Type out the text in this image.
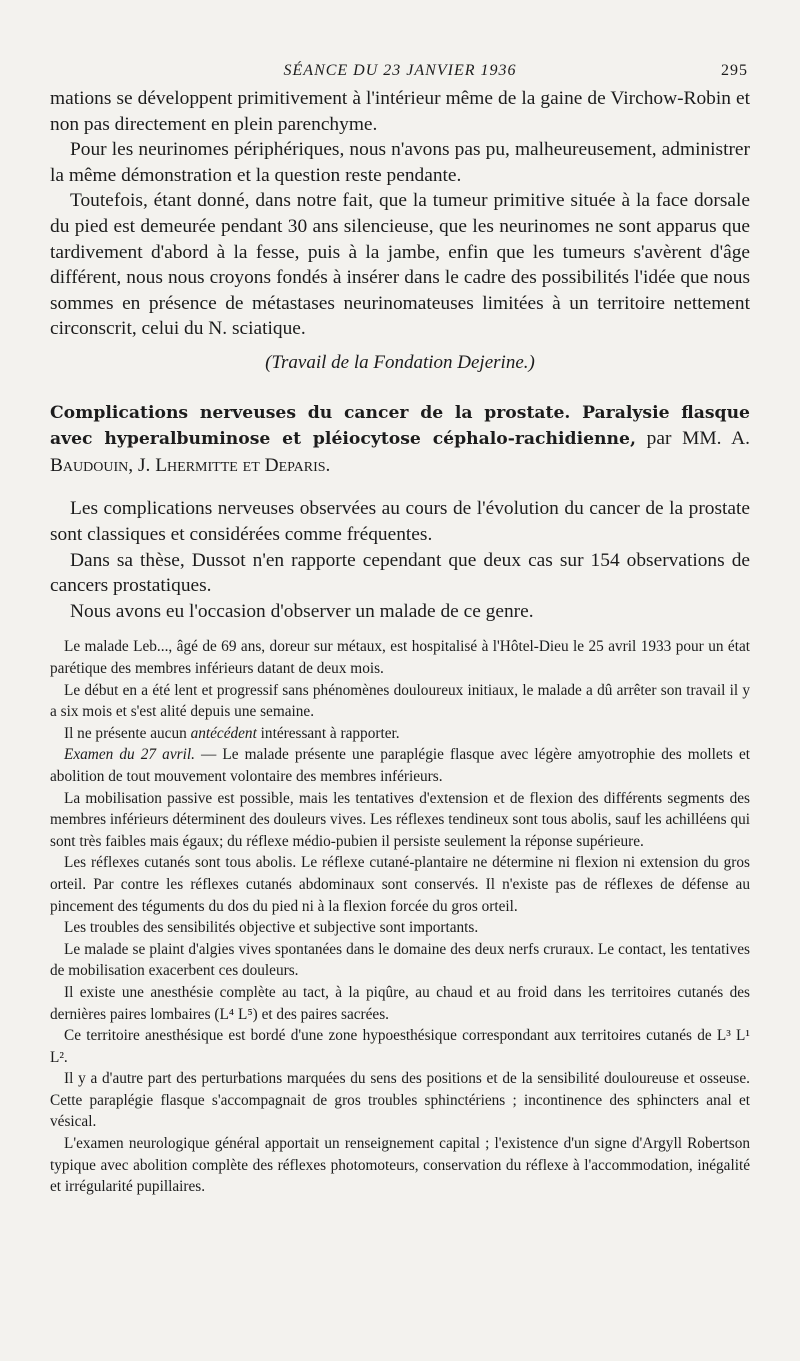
SÉANCE DU 23 JANVIER 1936	295

mations se développent primitivement à l'intérieur même de la gaine de Virchow-Robin et non pas directement en plein parenchyme.

Pour les neurinomes périphériques, nous n'avons pas pu, malheureusement, administrer la même démonstration et la question reste pendante.

Toutefois, étant donné, dans notre fait, que la tumeur primitive située à la face dorsale du pied est demeurée pendant 30 ans silencieuse, que les neurinomes ne sont apparus que tardivement d'abord à la fesse, puis à la jambe, enfin que les tumeurs s'avèrent d'âge différent, nous nous croyons fondés à insérer dans le cadre des possibilités l'idée que nous sommes en présence de métastases neurinomateuses limitées à un territoire nettement circonscrit, celui du N. sciatique.

(Travail de la Fondation Dejerine.)
Complications nerveuses du cancer de la prostate. Paralysie flasque avec hyperalbuminose et pléiocytose céphalo-rachidienne, par MM. A. Baudouin, J. Lhermitte et Deparis.

Les complications nerveuses observées au cours de l'évolution du cancer de la prostate sont classiques et considérées comme fréquentes.

Dans sa thèse, Dussot n'en rapporte cependant que deux cas sur 154 observations de cancers prostatiques.

Nous avons eu l'occasion d'observer un malade de ce genre.

Le malade Leb..., âgé de 69 ans, doreur sur métaux, est hospitalisé à l'Hôtel-Dieu le 25 avril 1933 pour un état parétique des membres inférieurs datant de deux mois.

Le début en a été lent et progressif sans phénomènes douloureux initiaux, le malade a dû arrêter son travail il y a six mois et s'est alité depuis une semaine.

Il ne présente aucun antécédent intéressant à rapporter.

Examen du 27 avril. — Le malade présente une paraplégie flasque avec légère amyotrophie des mollets et abolition de tout mouvement volontaire des membres inférieurs.

La mobilisation passive est possible, mais les tentatives d'extension et de flexion des différents segments des membres inférieurs déterminent des douleurs vives. Les réflexes tendineux sont tous abolis, sauf les achilléens qui sont très faibles mais égaux; du réflexe médio-pubien il persiste seulement la réponse supérieure.

Les réflexes cutanés sont tous abolis. Le réflexe cutané-plantaire ne détermine ni flexion ni extension du gros orteil. Par contre les réflexes cutanés abdominaux sont conservés. Il n'existe pas de réflexes de défense au pincement des téguments du dos du pied ni à la flexion forcée du gros orteil.

Les troubles des sensibilités objective et subjective sont importants.

Le malade se plaint d'algies vives spontanées dans le domaine des deux nerfs cruraux. Le contact, les tentatives de mobilisation exacerbent ces douleurs.

Il existe une anesthésie complète au tact, à la piqûre, au chaud et au froid dans les territoires cutanés des dernières paires lombaires (L⁴ L⁵) et des paires sacrées.

Ce territoire anesthésique est bordé d'une zone hypoesthésique correspondant aux territoires cutanés de L³ L¹ L².

Il y a d'autre part des perturbations marquées du sens des positions et de la sensibilité douloureuse et osseuse. Cette paraplégie flasque s'accompagnait de gros troubles sphinctériens ; incontinence des sphincters anal et vésical.

L'examen neurologique général apportait un renseignement capital ; l'existence d'un signe d'Argyll Robertson typique avec abolition complète des réflexes photomoteurs, conservation du réflexe à l'accommodation, inégalité et irrégularité pupillaires.
